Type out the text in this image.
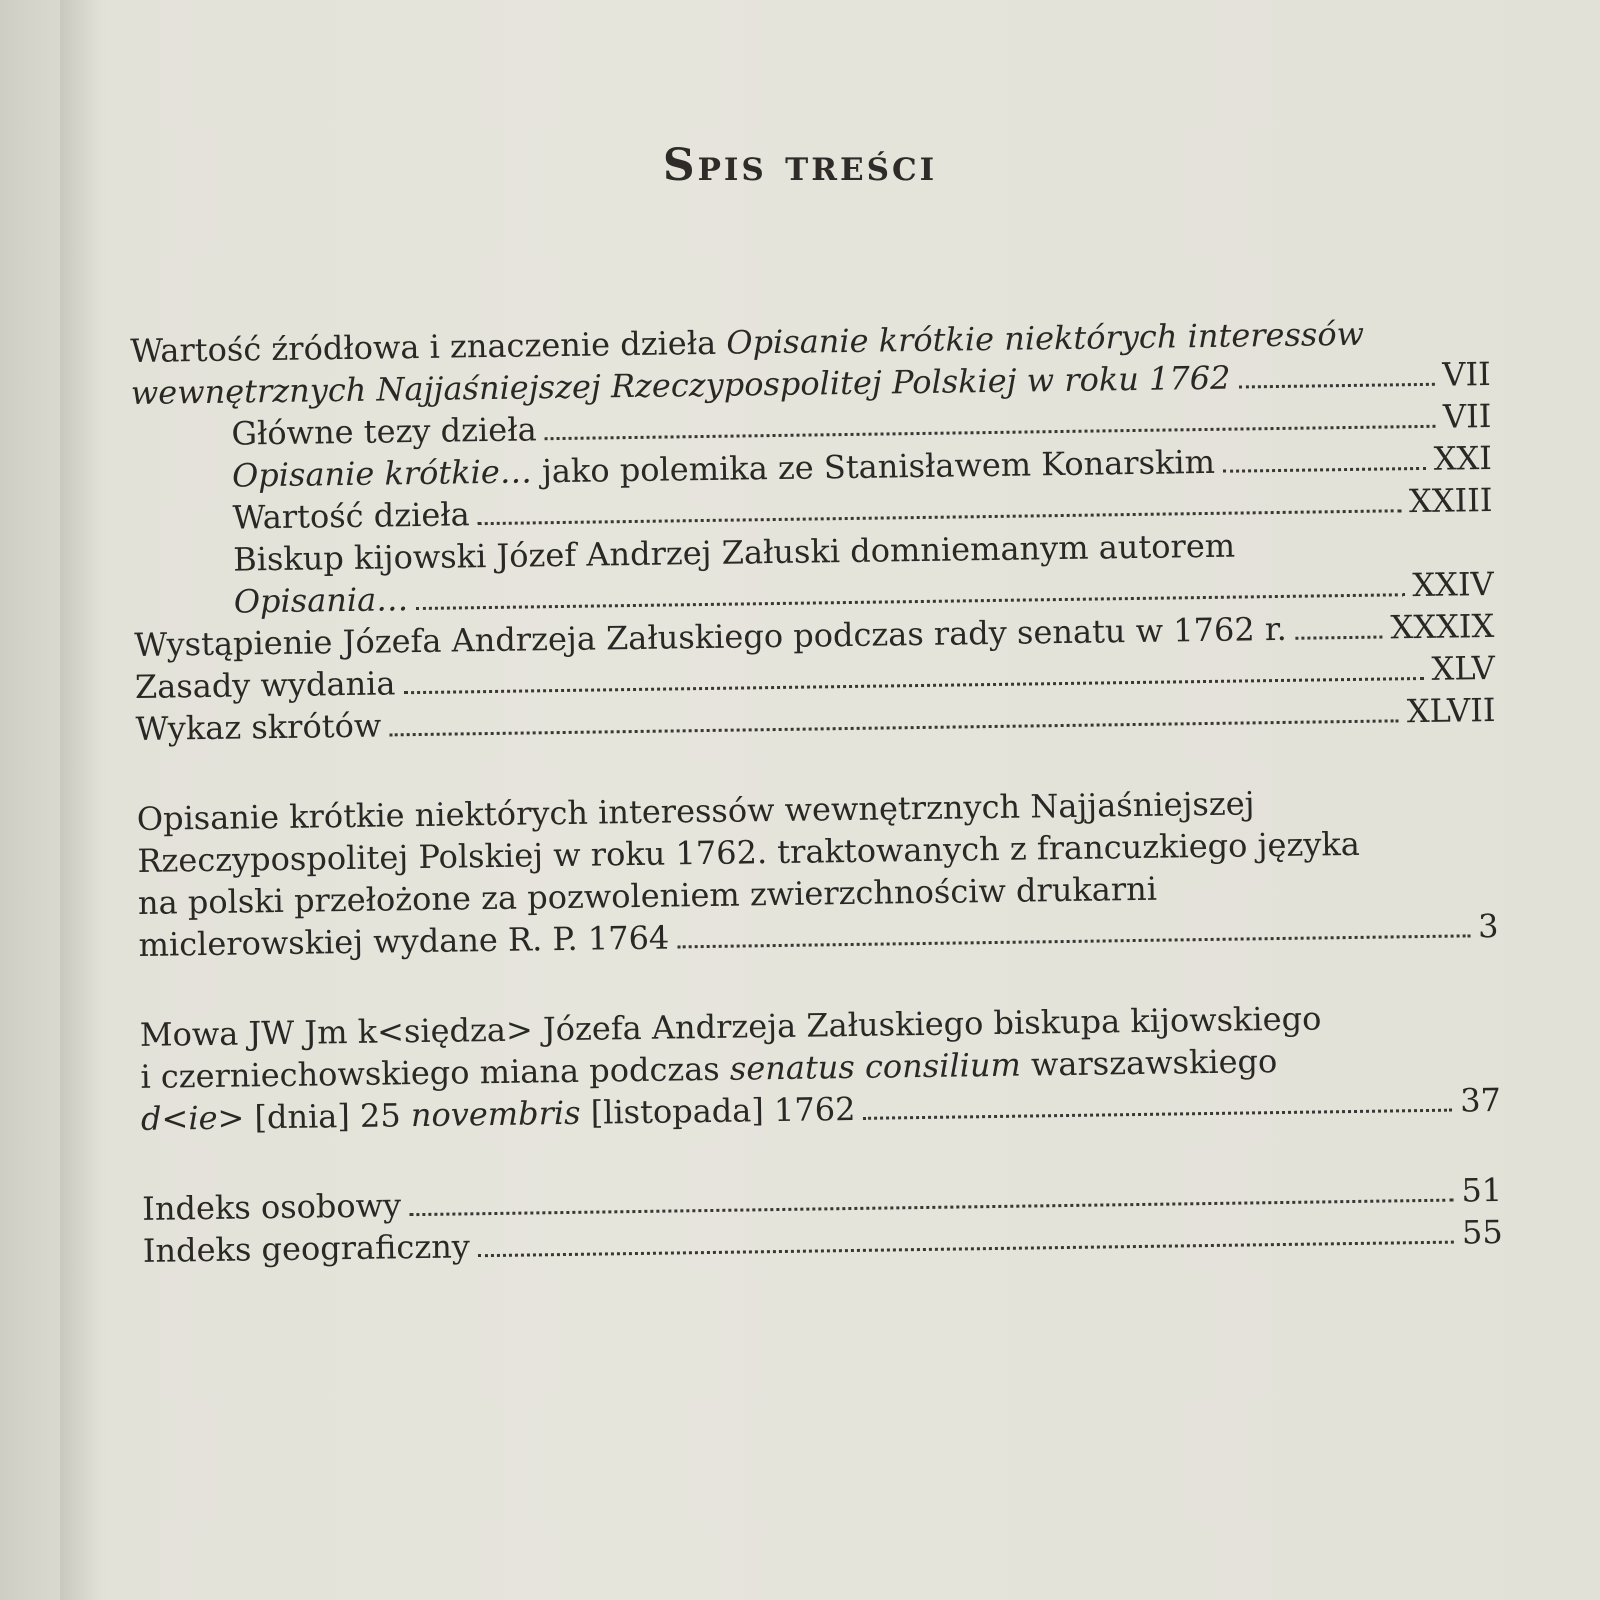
Spis treści
Wartość źródłowa i znaczenie dzieła Opisanie krótkie niektórych interessów
wewnętrznych Najjaśniejszej Rzeczypospolitej Polskiej w roku 1762	VII
Główne tezy dzieła	VII
Opisanie krótkie… jako polemika ze Stanisławem Konarskim	XXI
Wartość dzieła	XXIII
Biskup kijowski Józef Andrzej Załuski domniemanym autorem
Opisania…	XXIV
Wystąpienie Józefa Andrzeja Załuskiego podczas rady senatu w 1762 r.	XXXIX
Zasady wydania	XLV
Wykaz skrótów	XLVII
Opisanie krótkie niektórych interessów wewnętrznych Najjaśniejszej
Rzeczypospolitej Polskiej w roku 1762. traktowanych z francuzkiego języka
na polski przełożone za pozwoleniem zwierzchnościw drukarni
miclerowskiej wydane R. P. 1764	3
Mowa JW Jm k<siędza> Józefa Andrzeja Załuskiego biskupa kijowskiego
i czerniechowskiego miana podczas senatus consilium warszawskiego
d<ie> [dnia] 25 novembris [listopada] 1762	37
Indeks osobowy	51
Indeks geograficzny	55
